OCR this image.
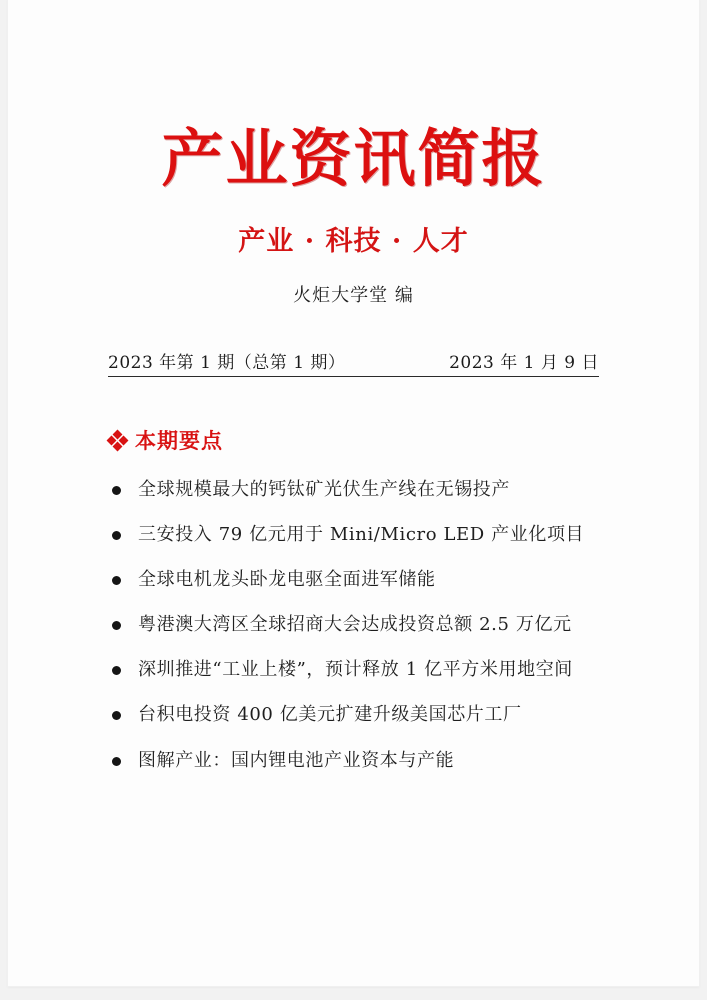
产业资讯简报
产业 · 科技 · 人才
火炬大学堂 编
2023 年第 1 期（总第 1 期）	2023 年 1 月 9 日
本期要点
全球规模最大的钙钛矿光伏生产线在无锡投产
三安投入 79 亿元用于 Mini/Micro LED 产业化项目
全球电机龙头卧龙电驱全面进军储能
粤港澳大湾区全球招商大会达成投资总额 2.5 万亿元
深圳推进“工业上楼”，预计释放 1 亿平方米用地空间
台积电投资 400 亿美元扩建升级美国芯片工厂
图解产业：国内锂电池产业资本与产能
